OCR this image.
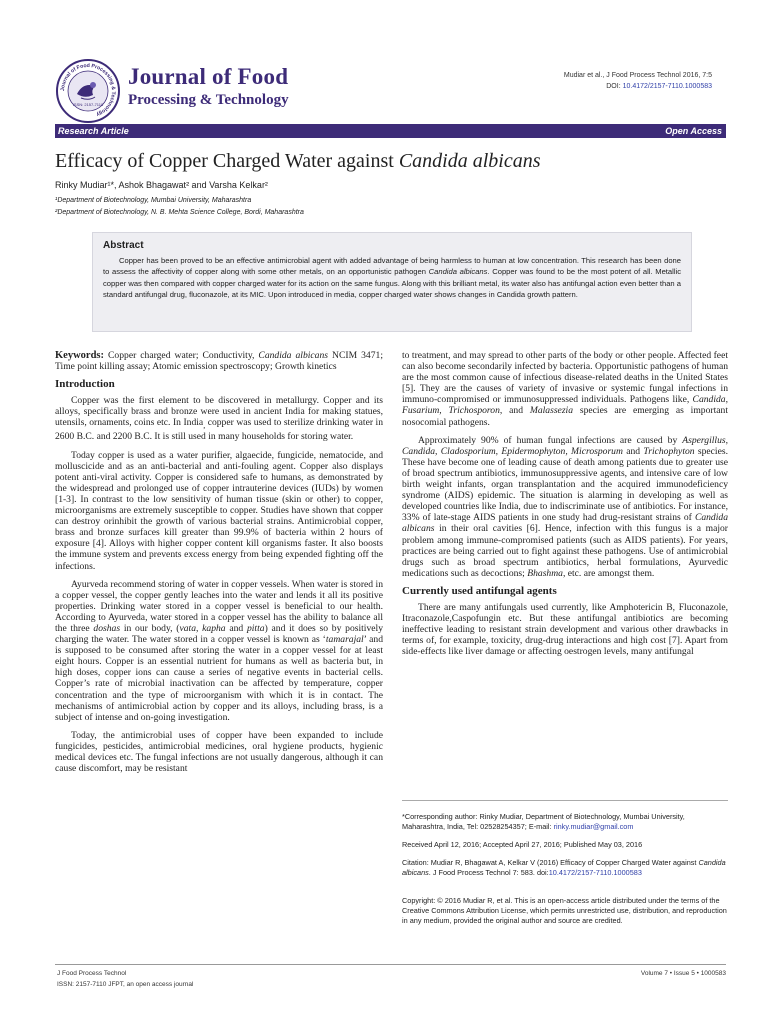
Journal of Food Processing & Technology
ISSN: 2157-7110
Journal of Food
Processing & Technology
Mudiar et al., J Food Process Technol 2016, 7:5
DOI: 10.4172/2157-7110.1000583
Research Article	Open Access
Efficacy of Copper Charged Water against Candida albicans
Rinky Mudiar¹*, Ashok Bhagawat² and Varsha Kelkar²
¹Department of Biotechnology, Mumbai University, Maharashtra
²Department of Biotechnology, N. B. Mehta Science College, Bordi, Maharashtra
Abstract

Copper has been proved to be an effective antimicrobial agent with added advantage of being harmless to human at low concentration. This research has been done to assess the affectivity of copper along with some other metals, on an opportunistic pathogen Candida albicans. Copper was found to be the most potent of all. Metallic copper was then compared with copper charged water for its action on the same fungus. Along with this brilliant metal, its water also has antifungal action even better than a standard antifungal drug, fluconazole, at its MIC. Upon introduced in media, copper charged water shows changes in Candida growth pattern.

Keywords: Copper charged water; Conductivity, Candida albicans NCIM 3471; Time point killing assay; Atomic emission spectroscopy; Growth kinetics

Introduction

Copper was the first element to be discovered in metallurgy. Copper and its alloys, specifically brass and bronze were used in ancient India for making statues, utensils, ornaments, coins etc. In India$_,$ copper was used to sterilize drinking water in 2600 B.C. and 2200 B.C. It is still used in many households for storing water.

Today copper is used as a water purifier, algaecide, fungicide, nematocide, and molluscicide and as an anti-bacterial and anti-fouling agent. Copper also displays potent anti-viral activity. Copper is considered safe to humans, as demonstrated by the widespread and prolonged use of copper intrauterine devices (IUDs) by women [1-3]. In contrast to the low sensitivity of human tissue (skin or other) to copper, microorganisms are extremely susceptible to copper. Studies have shown that copper can destroy orinhibit the growth of various bacterial strains. Antimicrobial copper, brass and bronze surfaces kill greater than 99.9% of bacteria within 2 hours of exposure [4]. Alloys with higher copper content kill organisms faster. It also boosts the immune system and prevents excess energy from being expended fighting off the infections.

Ayurveda recommend storing of water in copper vessels. When water is stored in a copper vessel, the copper gently leaches into the water and lends it all its positive properties. Drinking water stored in a copper vessel is beneficial to our health. According to Ayurveda, water stored in a copper vessel has the ability to balance all the three doshas in our body, (vata, kapha and pitta) and it does so by positively charging the water. The water stored in a copper vessel is known as ‘tamarajal’ and is supposed to be consumed after storing the water in a copper vessel for at least eight hours. Copper is an essential nutrient for humans as well as bacteria but, in high doses, copper ions can cause a series of negative events in bacterial cells. Copper’s rate of microbial inactivation can be affected by temperature, copper concentration and the type of microorganism with which it is in contact. The mechanisms of antimicrobial action by copper and its alloys, including brass, is a subject of intense and on-going investigation.

Today, the antimicrobial uses of copper have been expanded to include fungicides, pesticides, antimicrobial medicines, oral hygiene products, hygienic medical devices etc. The fungal infections are not usually dangerous, although it can cause discomfort, may be resistant

to treatment, and may spread to other parts of the body or other people. Affected feet can also become secondarily infected by bacteria. Opportunistic pathogens of human are the most common cause of infectious disease-related deaths in the United States [5]. They are the causes of variety of invasive or systemic fungal infections in immuno-compromised or immunosuppressed individuals. Pathogens like, Candida, Fusarium, Trichosporon, and Malassezia species are emerging as important nosocomial pathogens.

Approximately 90% of human fungal infections are caused by Aspergillus, Candida, Cladosporium, Epidermophyton, Microsporum and Trichophyton species. These have become one of leading cause of death among patients due to greater use of broad spectrum antibiotics, immunosuppressive agents, and intensive care of low birth weight infants, organ transplantation and the acquired immunodeficiency syndrome (AIDS) epidemic. The situation is alarming in developing as well as developed countries like India, due to indiscriminate use of antibiotics. For instance, 33% of late-stage AIDS patients in one study had drug-resistant strains of Candida albicans in their oral cavities [6]. Hence, infection with this fungus is a major problem among immune-compromised patients (such as AIDS patients). For years, practices are being carried out to fight against these pathogens. Use of antimicrobial drugs such as broad spectrum antibiotics, herbal formulations, Ayurvedic medications such as decoctions; Bhashma, etc. are amongst them.

Currently used antifungal agents

There are many antifungals used currently, like Amphotericin B, Fluconazole, Itraconazole,Caspofungin etc. But these antifungal antibiotics are becoming ineffective leading to resistant strain development and various other drawbacks in terms of, for example, toxicity, drug-drug interactions and high cost [7]. Apart from side-effects like liver damage or affecting oestrogen levels, many antifungal

*Corresponding author: Rinky Mudiar, Department of Biotechnology, Mumbai University, Maharashtra, India, Tel: 02528254357; E-mail: rinky.mudiar@gmail.com
Received April 12, 2016; Accepted April 27, 2016; Published May 03, 2016
Citation: Mudiar R, Bhagawat A, Kelkar V (2016) Efficacy of Copper Charged Water against Candida albicans. J Food Process Technol 7: 583. doi:10.4172/2157-7110.1000583
Copyright: © 2016 Mudiar R, et al. This is an open-access article distributed under the terms of the Creative Commons Attribution License, which permits unrestricted use, distribution, and reproduction in any medium, provided the original author and source are credited.
J Food Process Technol
ISSN: 2157-7110 JFPT, an open access journal
Volume 7 • Issue 5 • 1000583
